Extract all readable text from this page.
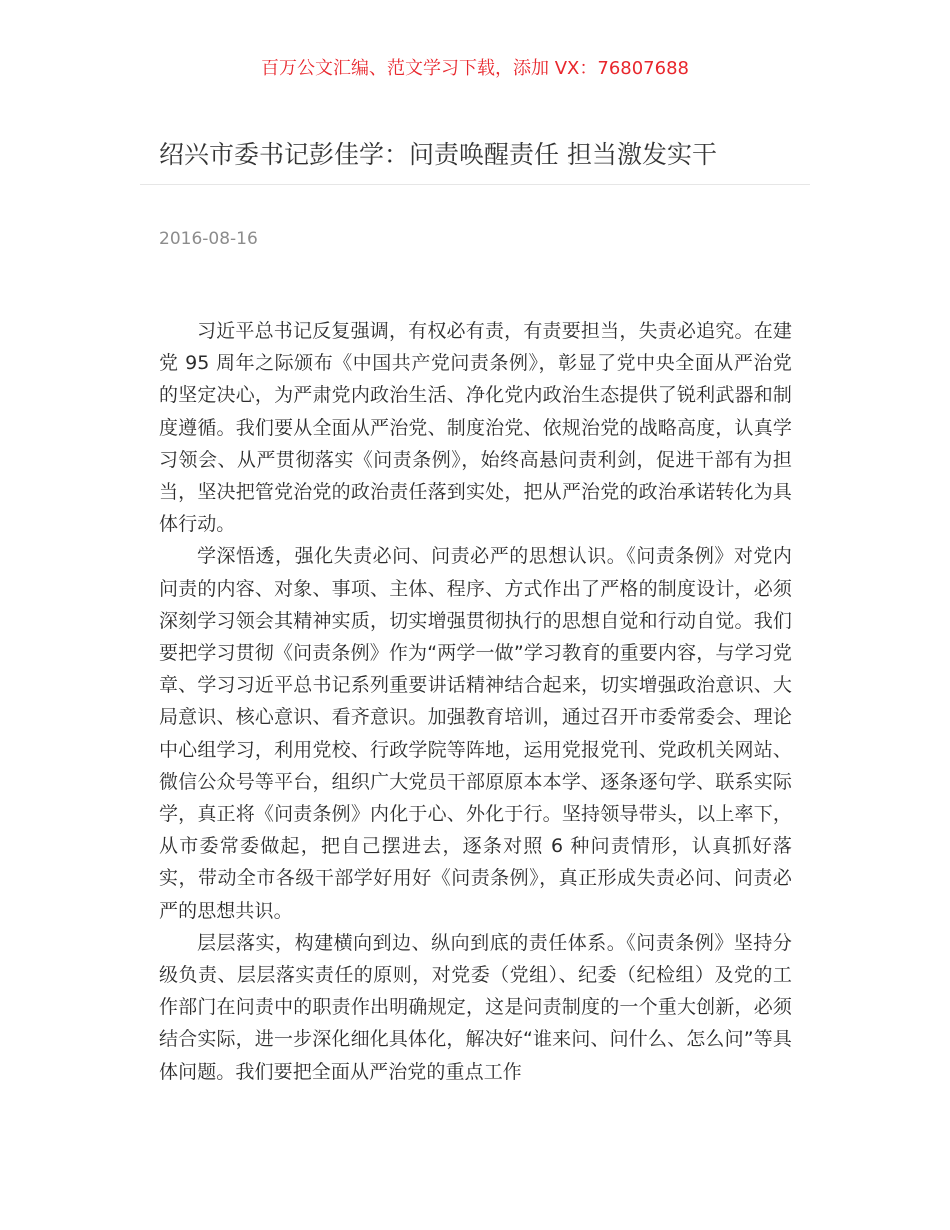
百万公文汇编、范文学习下载，添加 VX：76807688
绍兴市委书记彭佳学：问责唤醒责任 担当激发实干
2016-08-16

习近平总书记反复强调，有权必有责，有责要担当，失责必追究。在建党 95 周年之际颁布《中国共产党问责条例》，彰显了党中央全面从严治党的坚定决心，为严肃党内政治生活、净化党内政治生态提供了锐利武器和制度遵循。我们要从全面从严治党、制度治党、依规治党的战略高度，认真学习领会、从严贯彻落实《问责条例》，始终高悬问责利剑，促进干部有为担当，坚决把管党治党的政治责任落到实处，把从严治党的政治承诺转化为具体行动。

学深悟透，强化失责必问、问责必严的思想认识。《问责条例》对党内问责的内容、对象、事项、主体、程序、方式作出了严格的制度设计，必须深刻学习领会其精神实质，切实增强贯彻执行的思想自觉和行动自觉。我们要把学习贯彻《问责条例》作为“两学一做”学习教育的重要内容，与学习党章、学习习近平总书记系列重要讲话精神结合起来，切实增强政治意识、大局意识、核心意识、看齐意识。加强教育培训，通过召开市委常委会、理论中心组学习，利用党校、行政学院等阵地，运用党报党刊、党政机关网站、微信公众号等平台，组织广大党员干部原原本本学、逐条逐句学、联系实际学，真正将《问责条例》内化于心、外化于行。坚持领导带头，以上率下，从市委常委做起，把自己摆进去，逐条对照 6 种问责情形，认真抓好落实，带动全市各级干部学好用好《问责条例》，真正形成失责必问、问责必严的思想共识。

层层落实，构建横向到边、纵向到底的责任体系。《问责条例》坚持分级负责、层层落实责任的原则，对党委（党组）、纪委（纪检组）及党的工作部门在问责中的职责作出明确规定，这是问责制度的一个重大创新，必须结合实际，进一步深化细化具体化，解决好“谁来问、问什么、怎么问”等具体问题。我们要把全面从严治党的重点工作
